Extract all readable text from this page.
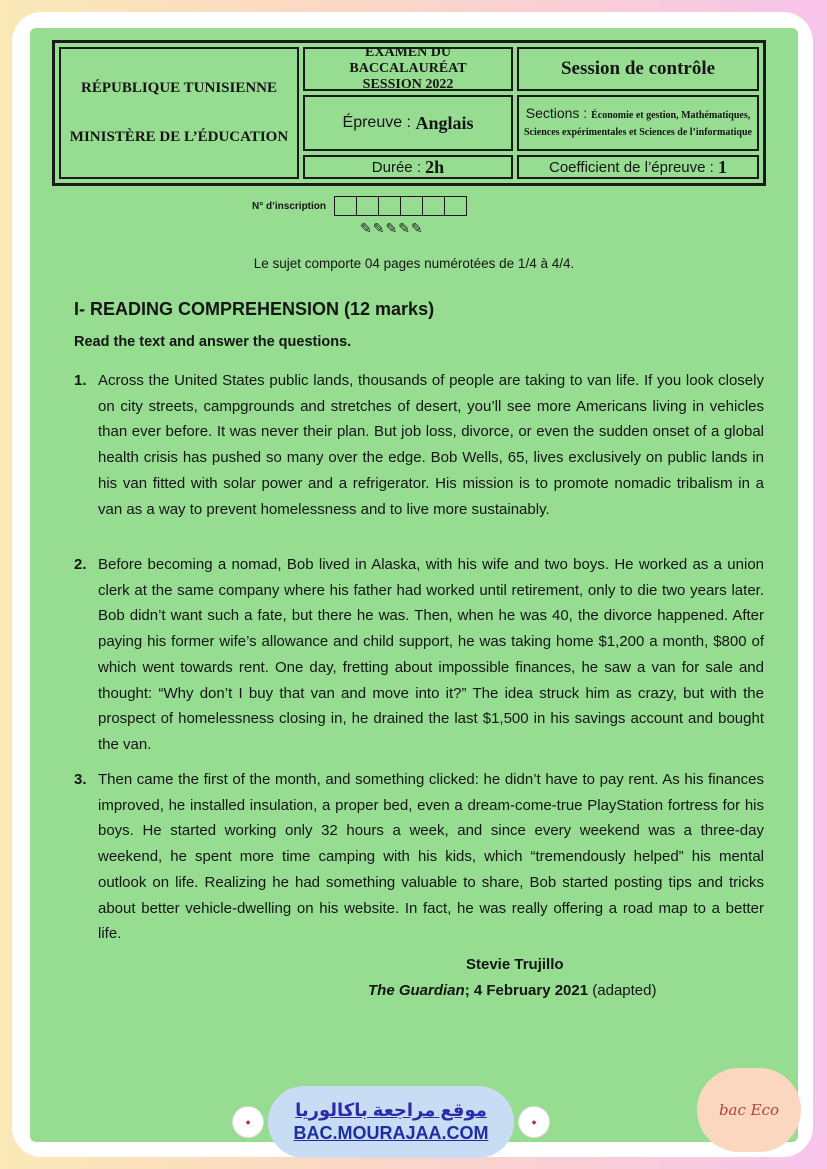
RÉPUBLIQUE TUNISIENNE
MINISTÈRE DE L’ÉDUCATION
EXAMEN DU BACCALAURÉAT
SESSION 2022
Session de contrôle
Épreuve :
Anglais	Sections : Économie et gestion, Mathématiques, Sciences expérimentales et Sciences de l’informatique
Durée :
2h	Coefficient de l’épreuve :
1
N° d’inscription
✎✎✎✎✎
Le sujet comporte 04 pages numérotées de 1/4 à 4/4.
I- READING COMPREHENSION (12 marks)
Read the text and answer the questions.
1. Across the United States public lands, thousands of people are taking to van life. If you look closely on city streets, campgrounds and stretches of desert, you’ll see more Americans living in vehicles than ever before. It was never their plan. But job loss, divorce, or even the sudden onset of a global health crisis has pushed so many over the edge. Bob Wells, 65, lives exclusively on public lands in his van fitted with solar power and a refrigerator. His mission is to promote nomadic tribalism in a van as a way to prevent homelessness and to live more sustainably.
2. Before becoming a nomad, Bob lived in Alaska, with his wife and two boys. He worked as a union clerk at the same company where his father had worked until retirement, only to die two years later. Bob didn’t want such a fate, but there he was. Then, when he was 40, the divorce happened. After paying his former wife’s allowance and child support, he was taking home $1,200 a month, $800 of which went towards rent. One day, fretting about impossible finances, he saw a van for sale and thought: “Why don’t I buy that van and move into it?” The idea struck him as crazy, but with the prospect of homelessness closing in, he drained the last $1,500 in his savings account and bought the van.
3. Then came the first of the month, and something clicked: he didn’t have to pay rent. As his finances improved, he installed insulation, a proper bed, even a dream-come-true PlayStation fortress for his boys. He started working only 32 hours a week, and since every weekend was a three-day weekend, he spent more time camping with his kids, which “tremendously helped” his mental outlook on life. Realizing he had something valuable to share, Bob started posting tips and tricks about better vehicle-dwelling on his website. In fact, he was really offering a road map to a better life.
Stevie Trujillo
The Guardian; 4 February 2021 (adapted)
◆
موقع مراجعة باكالوريا
BAC.MOURAJAA.COM
◆
bac Eco
